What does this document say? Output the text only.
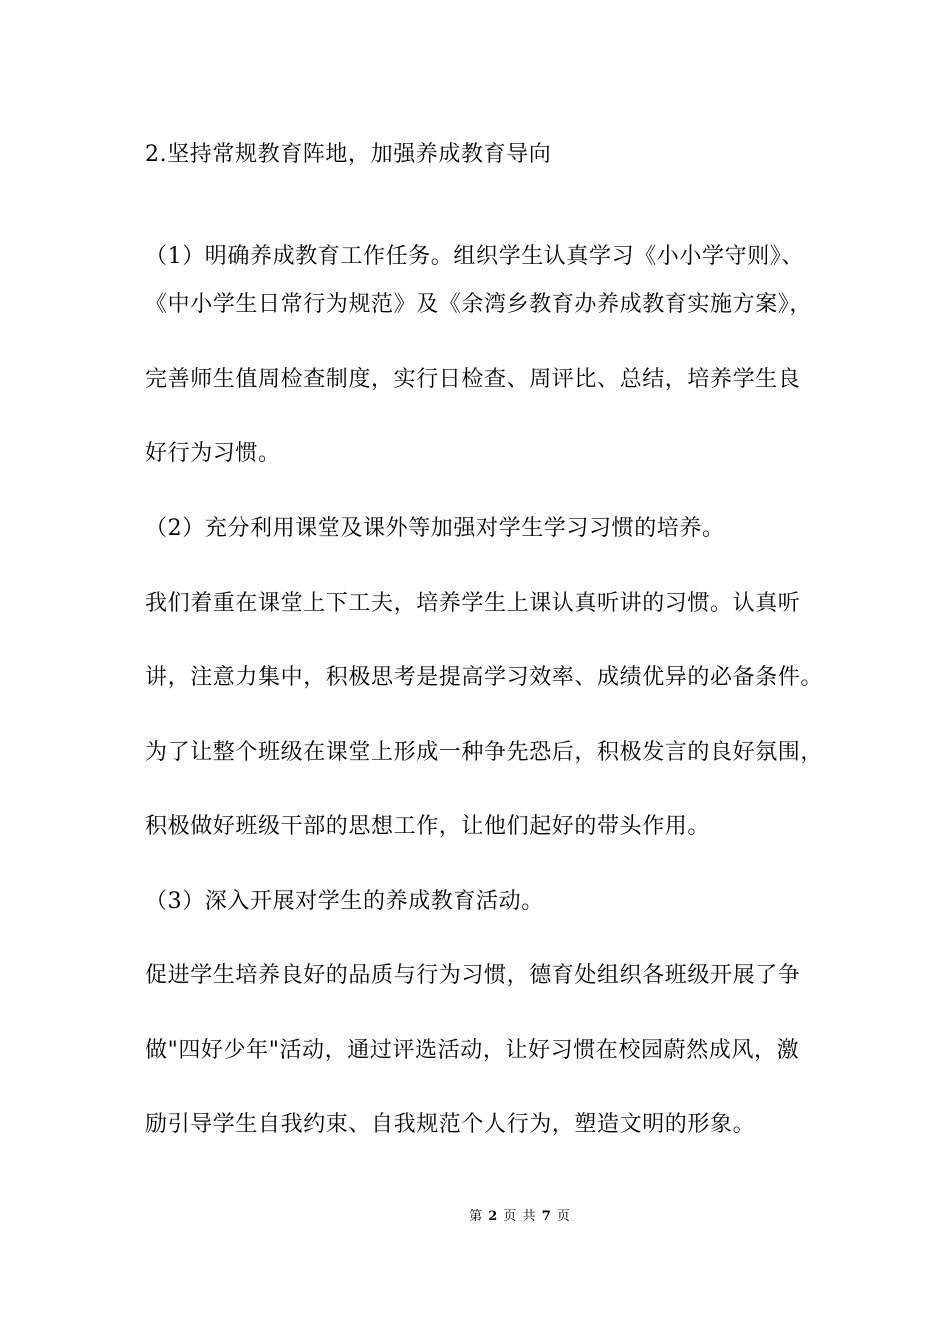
2.坚持常规教育阵地，加强养成教育导向
（1）明确养成教育工作任务。组织学生认真学习《小小学守则》、
《中小学生日常行为规范》及《余湾乡教育办养成教育实施方案》，
完善师生值周检查制度，实行日检查、周评比、总结，培养学生良
好行为习惯。
（2）充分利用课堂及课外等加强对学生学习习惯的培养。
我们着重在课堂上下工夫，培养学生上课认真听讲的习惯。认真听
讲，注意力集中，积极思考是提高学习效率、成绩优异的必备条件。
为了让整个班级在课堂上形成一种争先恐后，积极发言的良好氛围，
积极做好班级干部的思想工作，让他们起好的带头作用。
（3）深入开展对学生的养成教育活动。
促进学生培养良好的品质与行为习惯，德育处组织各班级开展了争
做"四好少年"活动，通过评选活动，让好习惯在校园蔚然成风，激
励引导学生自我约束、自我规范个人行为，塑造文明的形象。
第 2 页 共 7 页
